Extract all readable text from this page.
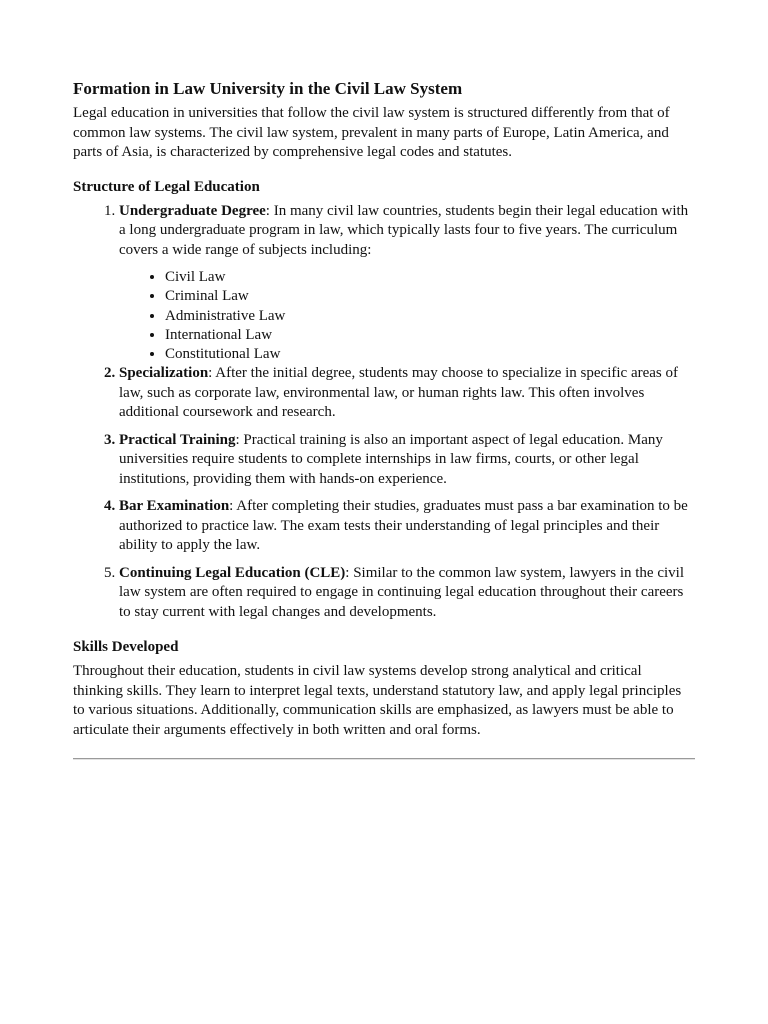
Formation in Law University in the Civil Law System

Legal education in universities that follow the civil law system is structured differently from that of common law systems. The civil law system, prevalent in many parts of Europe, Latin America, and parts of Asia, is characterized by comprehensive legal codes and statutes.

Structure of Legal Education
1. Undergraduate Degree: In many civil law countries, students begin their legal education with a long undergraduate program in law, which typically lasts four to five years. The curriculum covers a wide range of subjects including:
• Civil Law
• Criminal Law
• Administrative Law
• International Law
• Constitutional Law
2. Specialization: After the initial degree, students may choose to specialize in specific areas of law, such as corporate law, environmental law, or human rights law. This often involves additional coursework and research.
3. Practical Training: Practical training is also an important aspect of legal education. Many universities require students to complete internships in law firms, courts, or other legal institutions, providing them with hands-on experience.
4. Bar Examination: After completing their studies, graduates must pass a bar examination to be authorized to practice law. The exam tests their understanding of legal principles and their ability to apply the law.
5. Continuing Legal Education (CLE): Similar to the common law system, lawyers in the civil law system are often required to engage in continuing legal education throughout their careers to stay current with legal changes and developments.
Skills Developed

Throughout their education, students in civil law systems develop strong analytical and critical thinking skills. They learn to interpret legal texts, understand statutory law, and apply legal principles to various situations. Additionally, communication skills are emphasized, as lawyers must be able to articulate their arguments effectively in both written and oral forms.
